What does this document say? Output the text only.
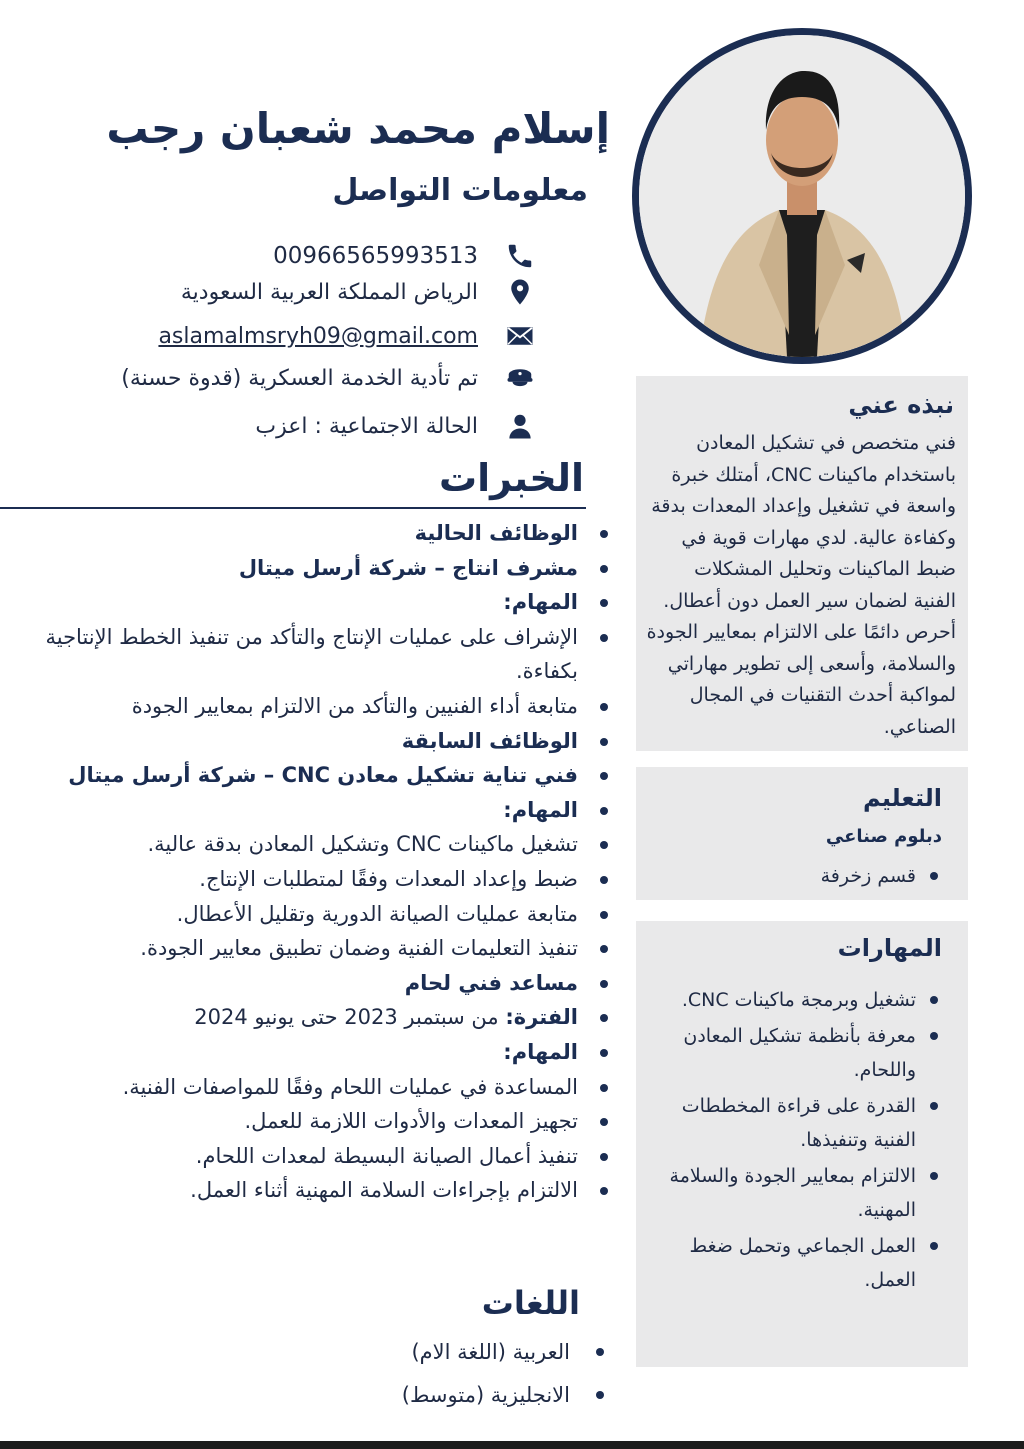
إسلام محمد شعبان رجب
معلومات التواصل
00966565993513
الرياض المملكة العربية السعودية
aslamalmsryh09@gmail.com
تم تأدية الخدمة العسكرية (قدوة حسنة)
الحالة الاجتماعية : اعزب
نبذه عني

فني متخصص في تشكيل المعادن باستخدام ماكينات CNC، أمتلك خبرة واسعة في تشغيل وإعداد المعدات بدقة وكفاءة عالية. لدي مهارات قوية في ضبط الماكينات وتحليل المشكلات الفنية لضمان سير العمل دون أعطال. أحرص دائمًا على الالتزام بمعايير الجودة والسلامة، وأسعى إلى تطوير مهاراتي لمواكبة أحدث التقنيات في المجال الصناعي.

التعليم
دبلوم صناعي
قسم زخرفة
المهارات
تشغيل وبرمجة ماكينات CNC.
معرفة بأنظمة تشكيل المعادن واللحام.
القدرة على قراءة المخططات الفنية وتنفيذها.
الالتزام بمعايير الجودة والسلامة المهنية.
العمل الجماعي وتحمل ضغط العمل.
الخبرات
الوظائف الحالية
مشرف انتاج – شركة أرسل ميتال
المهام:
الإشراف على عمليات الإنتاج والتأكد من تنفيذ الخطط الإنتاجية بكفاءة.
متابعة أداء الفنيين والتأكد من الالتزام بمعايير الجودة
الوظائف السابقة
فني تناية تشكيل معادن CNC – شركة أرسل ميتال
المهام:
تشغيل ماكينات CNC وتشكيل المعادن بدقة عالية.
ضبط وإعداد المعدات وفقًا لمتطلبات الإنتاج.
متابعة عمليات الصيانة الدورية وتقليل الأعطال.
تنفيذ التعليمات الفنية وضمان تطبيق معايير الجودة.
مساعد فني لحام
الفترة: من سبتمبر 2023 حتى يونيو 2024
المهام:
المساعدة في عمليات اللحام وفقًا للمواصفات الفنية.
تجهيز المعدات والأدوات اللازمة للعمل.
تنفيذ أعمال الصيانة البسيطة لمعدات اللحام.
الالتزام بإجراءات السلامة المهنية أثناء العمل.
اللغات
العربية (اللغة الام)
الانجليزية (متوسط)
